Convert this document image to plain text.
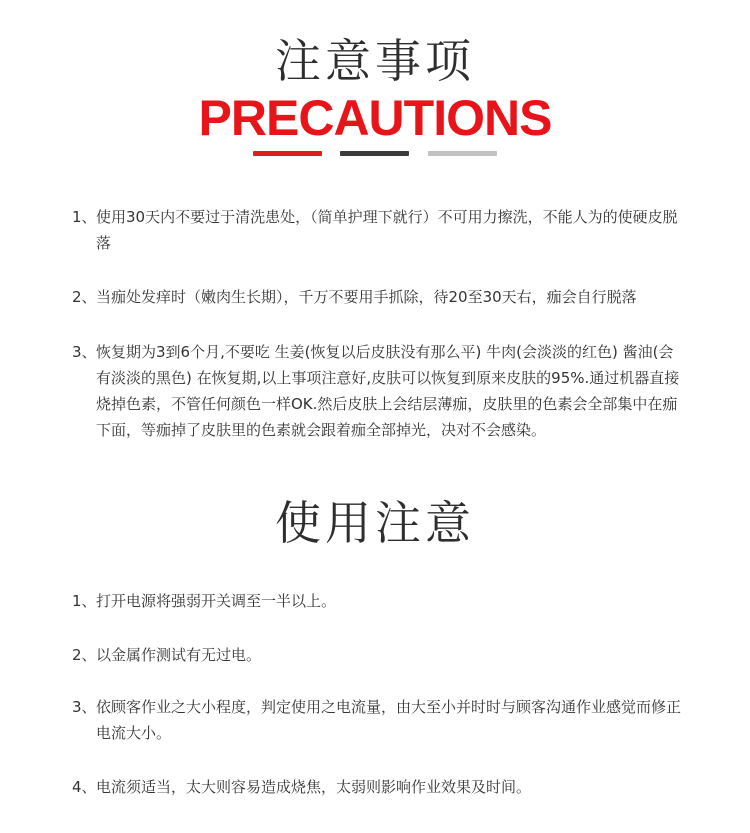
注意事项
PRECAUTIONS
1、 使用30天内不要过于清洗患处，（简单护理下就行）不可用力擦洗，不能人为的使硬皮脱落
2、 当痂处发痒时（嫩肉生长期），千万不要用手抓除，待20至30天右，痂会自行脱落
3、 恢复期为3到6个月,不要吃 生姜(恢复以后皮肤没有那么平) 牛肉(会淡淡的红色) 酱油(会有淡淡的黑色) 在恢复期,以上事项注意好,皮肤可以恢复到原来皮肤的95%.通过机器直接烧掉色素，不管任何颜色一样OK.然后皮肤上会结层薄痂，皮肤里的色素会全部集中在痂下面，等痂掉了皮肤里的色素就会跟着痂全部掉光，决对不会感染。
使用注意
1、 打开电源将强弱开关调至一半以上。
2、 以金属作测试有无过电。
3、 依顾客作业之大小程度，判定使用之电流量，由大至小并时时与顾客沟通作业感觉而修正电流大小。
4、 电流须适当，太大则容易造成烧焦，太弱则影响作业效果及时间。
